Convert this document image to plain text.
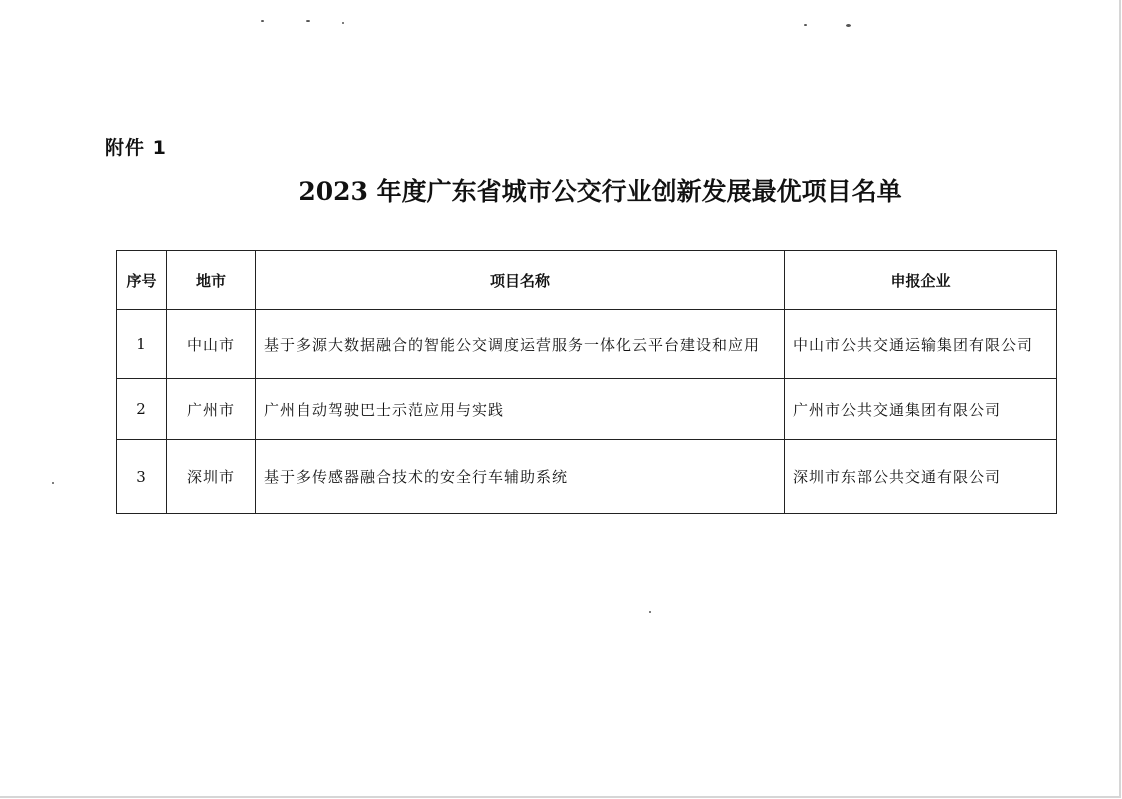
附件 1
2023 年度广东省城市公交行业创新发展最优项目名单
序号	地市	项目名称	申报企业
1	中山市	基于多源大数据融合的智能公交调度运营服务一体化云平台建设和应用	中山市公共交通运输集团有限公司
2	广州市	广州自动驾驶巴士示范应用与实践	广州市公共交通集团有限公司
3	深圳市	基于多传感器融合技术的安全行车辅助系统	深圳市东部公共交通有限公司
